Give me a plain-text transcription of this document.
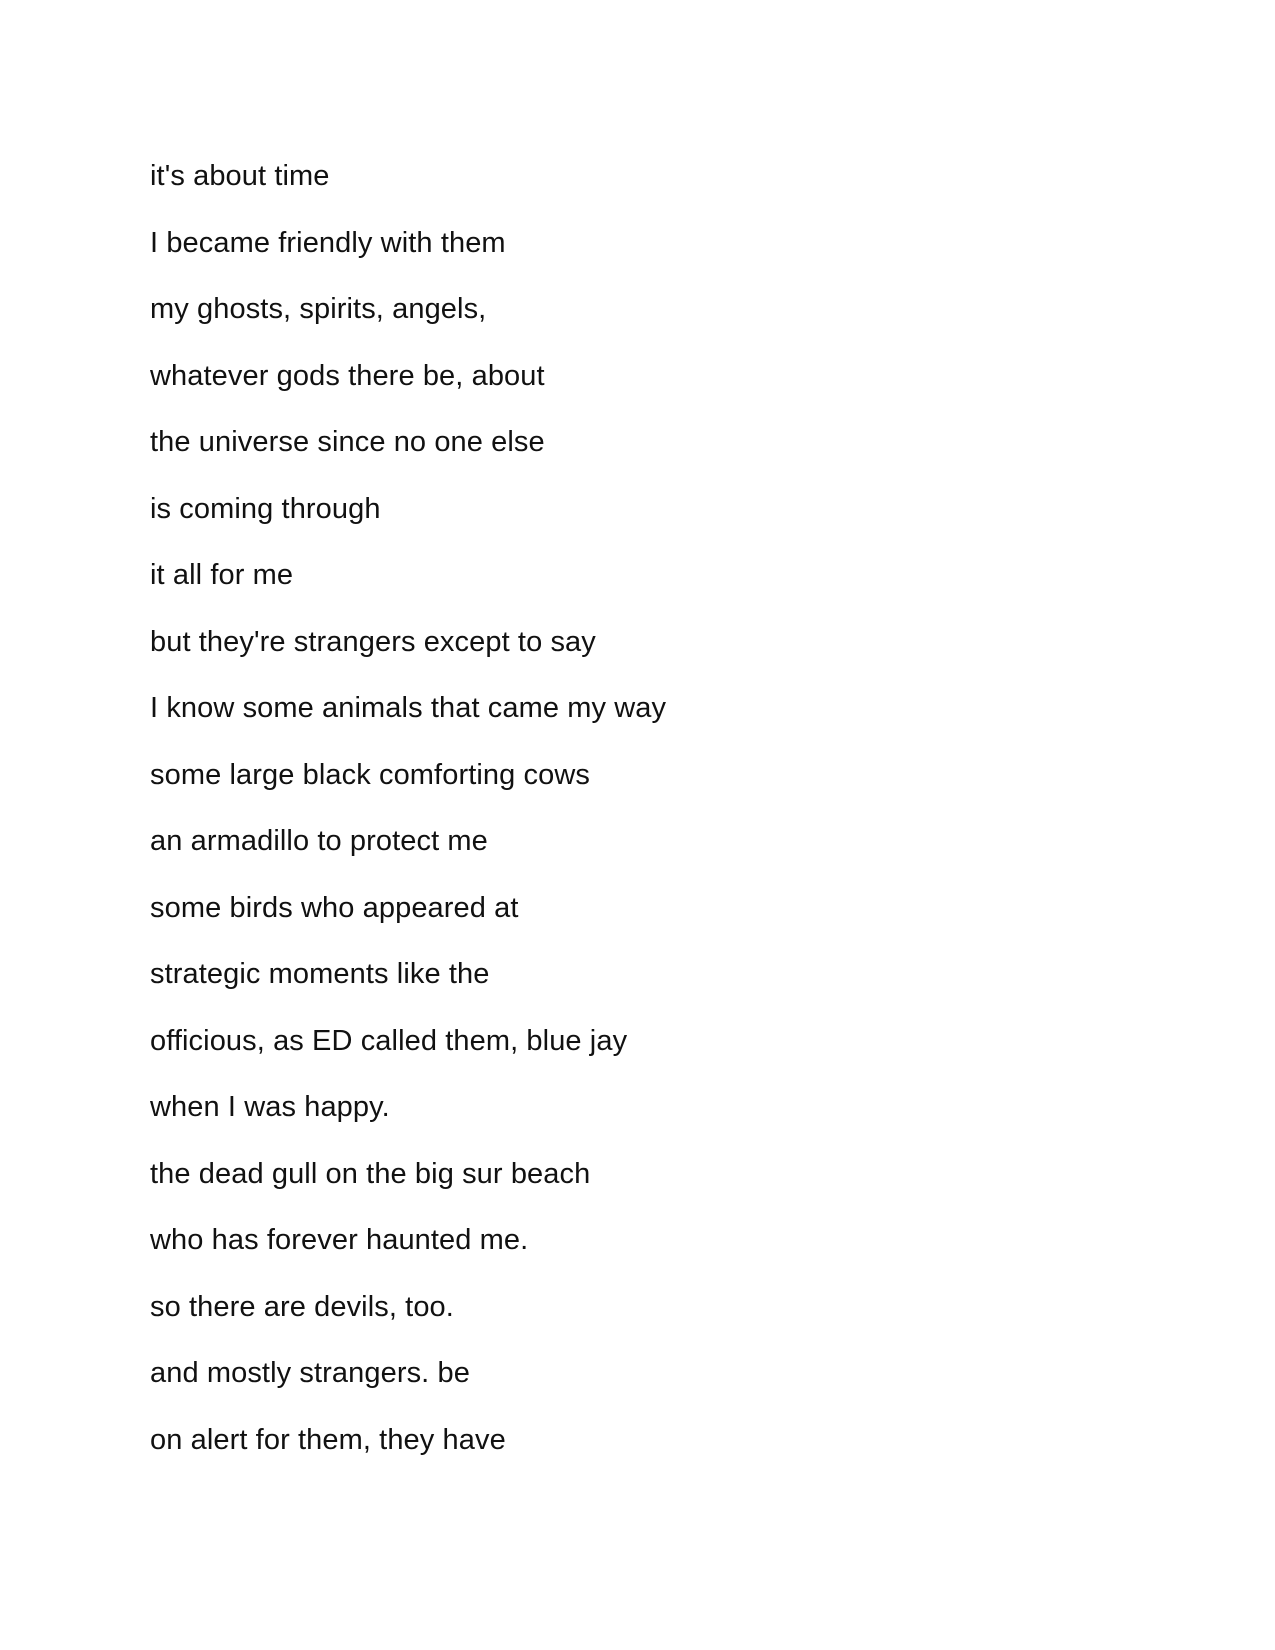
it's about time
I became friendly with them
my ghosts, spirits, angels,
whatever gods there be, about
the universe since no one else
is coming through
it all for me
but they're strangers except to say
I know some animals that came my way
some large black comforting cows
an armadillo to protect me
some birds who appeared at
strategic moments like the
officious, as ED called them, blue jay
when I was happy.
the dead gull on the big sur beach
who has forever haunted me.
so there are devils, too.
and mostly strangers. be
on alert for them, they have
